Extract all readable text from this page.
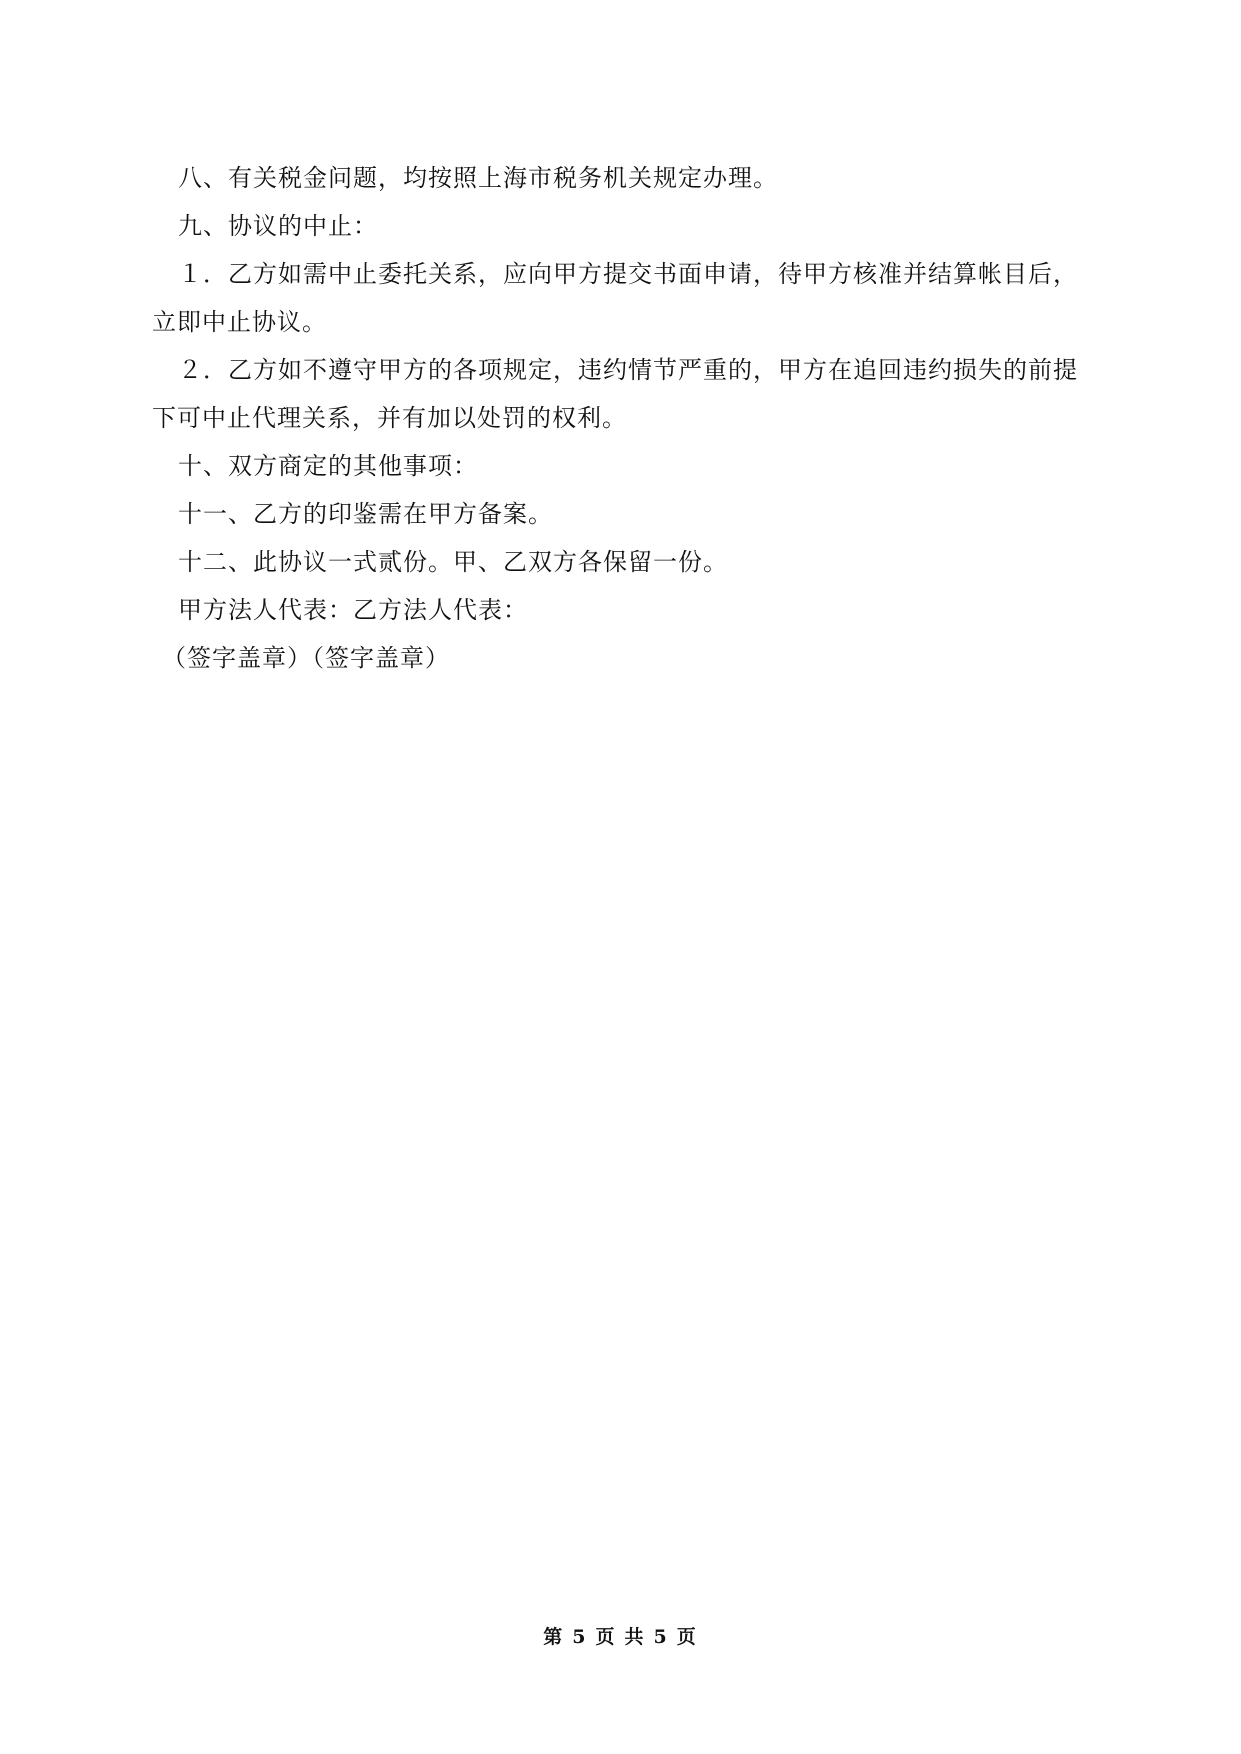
八、有关税金问题，均按照上海市税务机关规定办理。

九、协议的中止：

１．乙方如需中止委托关系，应向甲方提交书面申请，待甲方核准并结算帐目后，立即中止协议。

２．乙方如不遵守甲方的各项规定，违约情节严重的，甲方在追回违约损失的前提下可中止代理关系，并有加以处罚的权利。

十、双方商定的其他事项：

十一、乙方的印鉴需在甲方备案。

十二、此协议一式贰份。甲、乙双方各保留一份。

甲方法人代表：乙方法人代表：

（签字盖章）（签字盖章）

第 5 页 共 5 页
